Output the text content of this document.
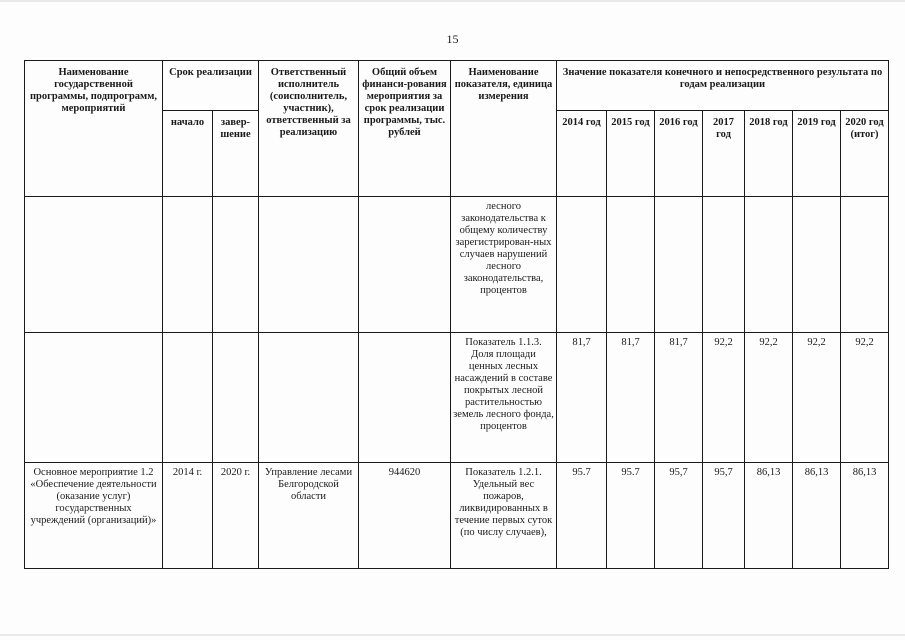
15
Наименование государственной программы, подпрограмм, мероприятий	Срок реализации		Ответственный исполнитель (соисполнитель, участник), ответственный за реализацию	Общий объем финанси-рования мероприятия за срок реализации программы, тыс. рублей	Наименование показателя, единица измерения	Значение показателя конечного и непосредственного результата по годам реализации						
	начало	завер-шение				2014 год	2015 год	2016 год	2017 год	2018 год	2019 год	2020 год (итог)
					лесного законодательства к общему количеству зарегистрирован-ных случаев нарушений лесного законодательства, процентов							
					Показатель 1.1.3. Доля площади ценных лесных насаждений в составе покрытых лесной растительностью земель лесного фонда, процентов	81,7	81,7	81,7	92,2	92,2	92,2	92,2
Основное мероприятие 1.2 «Обеспечение деятельности (оказание услуг) государственных учреждений (организаций)»	2014 г.	2020 г.	Управление лесами Белгородской области	944620	Показатель 1.2.1. Удельный вес пожаров, ликвидированных в течение первых суток (по числу случаев),	95.7	95.7	95,7	95,7	86,13	86,13	86,13
